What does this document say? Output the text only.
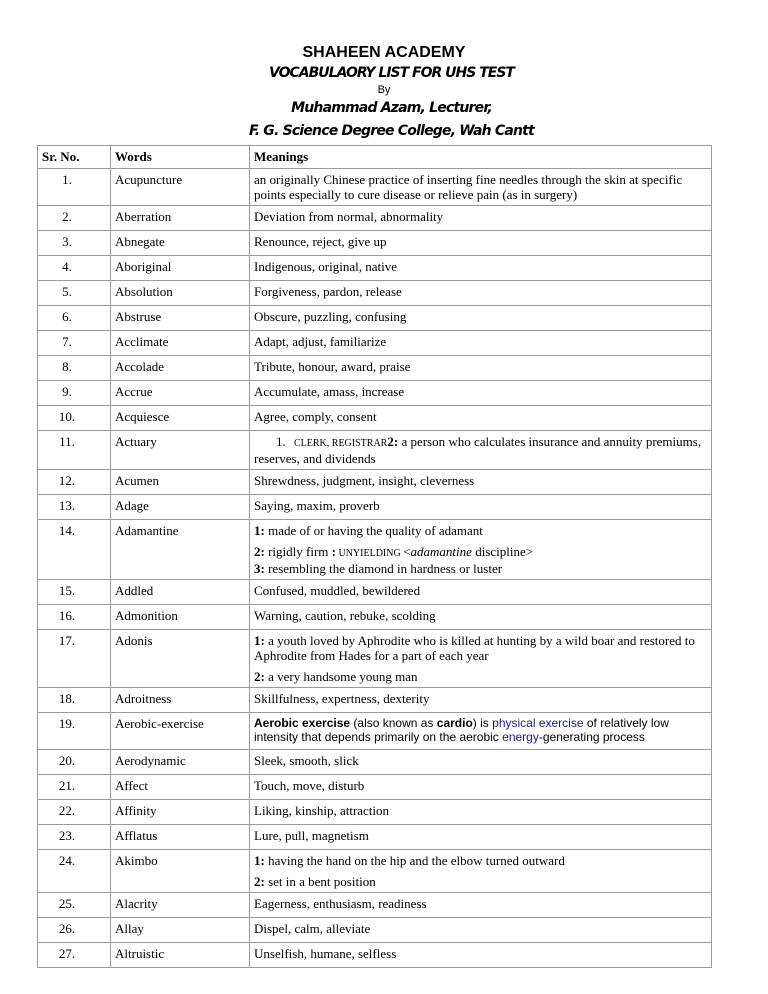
SHAHEEN ACADEMY
VOCABULAORY LIST FOR UHS TEST
By
Muhammad Azam, Lecturer,
F. G. Science Degree College, Wah Cantt
Sr. No.	Words	Meanings
1.	Acupuncture	an originally Chinese practice of inserting fine needles through the skin at specific points especially to cure disease or relieve pain (as in surgery)
2.	Aberration	Deviation from normal, abnormality
3.	Abnegate	Renounce, reject, give up
4.	Aboriginal	Indigenous, original, native
5.	Absolution	Forgiveness, pardon, release
6.	Abstruse	Obscure, puzzling, confusing
7.	Acclimate	Adapt, adjust, familiarize
8.	Accolade	Tribute, honour, award, praise
9.	Accrue	Accumulate, amass, increase
10.	Acquiesce	Agree, comply, consent
11.	Actuary	1. CLERK, REGISTRAR2: a person who calculates insurance and annuity premiums, reserves, and dividends
12.	Acumen	Shrewdness, judgment, insight, cleverness
13.	Adage	Saying, maxim, proverb
14.	Adamantine	1: made of or having the quality of adamant
2: rigidly firm : UNYIELDING <adamantine discipline>
3: resembling the diamond in hardness or luster

15.	Addled	Confused, muddled, bewildered
16.	Admonition	Warning, caution, rebuke, scolding
17.	Adonis	1: a youth loved by Aphrodite who is killed at hunting by a wild boar and restored to Aphrodite from Hades for a part of each year
2: a very handsome young man

18.	Adroitness	Skillfulness, expertness, dexterity
19.	Aerobic-exercise	Aerobic exercise (also known as cardio) is physical exercise of relatively low intensity that depends primarily on the aerobic energy-generating process
20.	Aerodynamic	Sleek, smooth, slick
21.	Affect	Touch, move, disturb
22.	Affinity	Liking, kinship, attraction
23.	Afflatus	Lure, pull, magnetism
24.	Akimbo	1: having the hand on the hip and the elbow turned outward
2: set in a bent position

25.	Alacrity	Eagerness, enthusiasm, readiness
26.	Allay	Dispel, calm, alleviate
27.	Altruistic	Unselfish, humane, selfless
